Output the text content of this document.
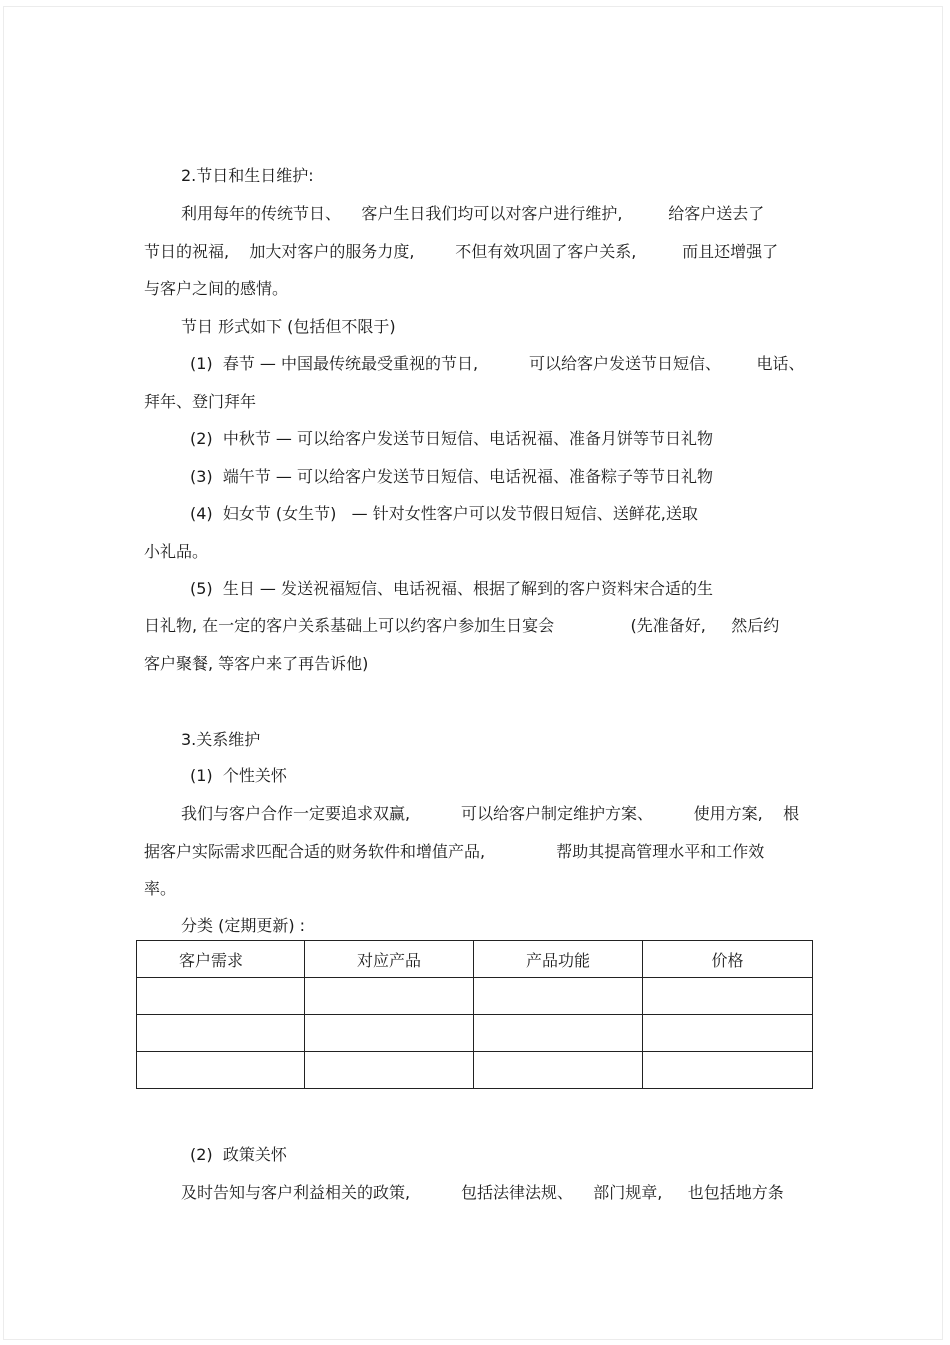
2.节日和生日维护:

利用每年的传统节日、    客户生日我们均可以对客户进行维护,         给客户送去了

节日的祝福,    加大对客户的服务力度,        不但有效巩固了客户关系,         而且还增强了

与客户之间的感情。

节日 形式如下 (包括但不限于)

(1)  春节 — 中国最传统最受重视的节日,          可以给客户发送节日短信、       电话、

拜年、登门拜年

(2)  中秋节 — 可以给客户发送节日短信、电话祝福、准备月饼等节日礼物

(3)  端午节 — 可以给客户发送节日短信、电话祝福、准备粽子等节日礼物

(4)  妇女节 (女生节)   — 针对女性客户可以发节假日短信、送鲜花,送取

小礼品。

(5)  生日 — 发送祝福短信、电话祝福、根据了解到的客户资料宋合适的生

日礼物, 在一定的客户关系基础上可以约客户参加生日宴会               (先准备好,     然后约

客户聚餐, 等客户来了再告诉他)

3.关系维护

(1)  个性关怀

我们与客户合作一定要追求双赢,          可以给客户制定维护方案、        使用方案,    根

据客户实际需求匹配合适的财务软件和增值产品,              帮助其提高管理水平和工作效

率。

分类 (定期更新) :

客户需求	对应产品	产品功能	价格

(2)  政策关怀

及时告知与客户利益相关的政策,          包括法律法规、    部门规章,     也包括地方条
